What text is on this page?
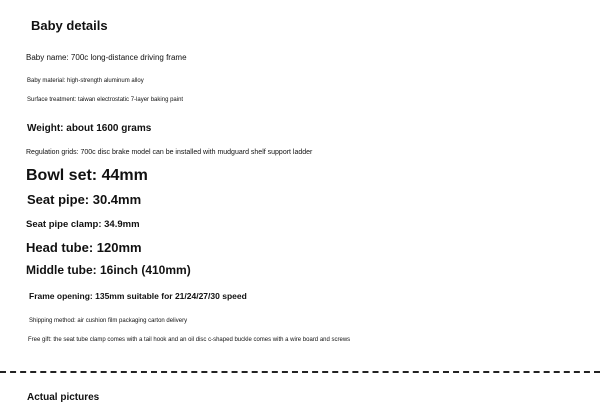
Baby details
Baby name: 700c long-distance driving frame
Baby material: high-strength aluminum alloy
Surface treatment: taiwan electrostatic 7-layer baking paint
Weight: about 1600 grams
Regulation grids: 700c disc brake model can be installed with mudguard shelf support ladder
Bowl set: 44mm
Seat pipe: 30.4mm
Seat pipe clamp: 34.9mm
Head tube: 120mm
Middle tube: 16inch (410mm)
Frame opening: 135mm suitable for 21/24/27/30 speed
Shipping method: air cushion film packaging carton delivery
Free gift: the seat tube clamp comes with a tail hook and an oil disc c-shaped buckle comes with a wire board and screws
Actual pictures
